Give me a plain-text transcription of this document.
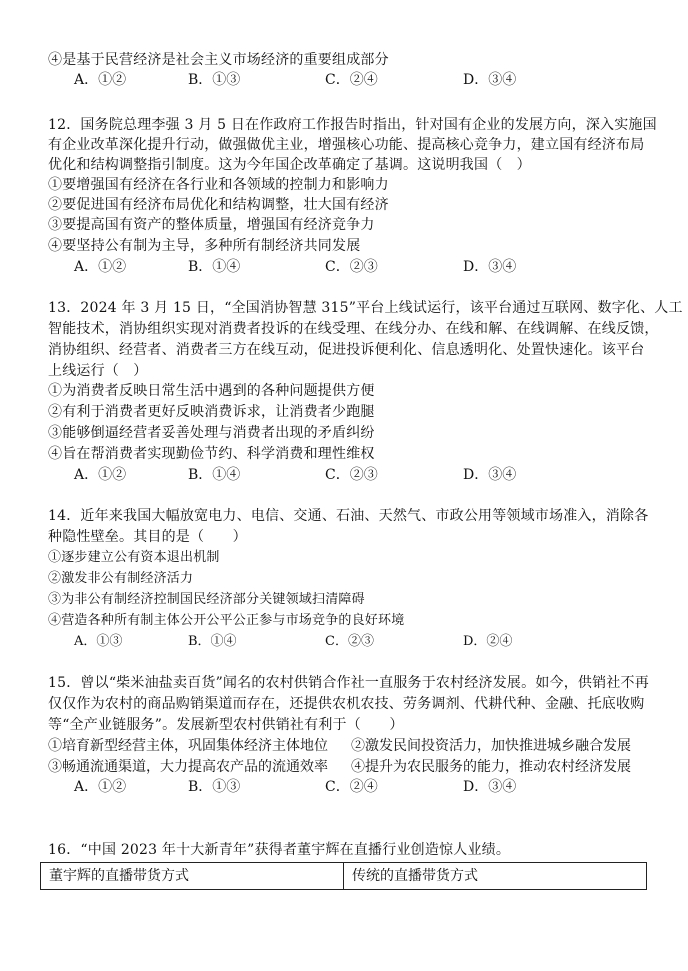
④是基于民营经济是社会主义市场经济的重要组成部分
A．①②	B．①③	C．②④	D．③④
12．国务院总理李强 3 月 5 日在作政府工作报告时指出，针对国有企业的发展方向，深入实施国
有企业改革深化提升行动，做强做优主业，增强核心功能、提高核心竞争力，建立国有经济布局
优化和结构调整指引制度。这为今年国企改革确定了基调。这说明我国（　）
①要增强国有经济在各行业和各领域的控制力和影响力
②要促进国有经济布局优化和结构调整，壮大国有经济
③要提高国有资产的整体质量，增强国有经济竞争力
④要坚持公有制为主导，多种所有制经济共同发展
A．①②	B．①④	C．②③	D．③④
13．2024 年 3 月 15 日，“全国消协智慧 315”平台上线试运行，该平台通过互联网、数字化、人工
智能技术，消协组织实现对消费者投诉的在线受理、在线分办、在线和解、在线调解、在线反馈，
消协组织、经营者、消费者三方在线互动，促进投诉便利化、信息透明化、处置快速化。该平台
上线运行（　）
①为消费者反映日常生活中遇到的各种问题提供方便
②有利于消费者更好反映消费诉求，让消费者少跑腿
③能够倒逼经营者妥善处理与消费者出现的矛盾纠纷
④旨在帮消费者实现勤俭节约、科学消费和理性维权
A．①②	B．①④	C．②③	D．③④
14．近年来我国大幅放宽电力、电信、交通、石油、天然气、市政公用等领域市场准入，消除各
种隐性壁垒。其目的是（　　）
①逐步建立公有资本退出机制
②激发非公有制经济活力
③为非公有制经济控制国民经济部分关键领域扫清障碍
④营造各种所有制主体公开公平公正参与市场竞争的良好环境
A．①③	B．①④	C．②③	D．②④
15．曾以“柴米油盐卖百货”闻名的农村供销合作社一直服务于农村经济发展。如今，供销社不再
仅仅作为农村的商品购销渠道而存在，还提供农机农技、劳务调剂、代耕代种、金融、托底收购
等“全产业链服务”。发展新型农村供销社有利于（　　）
①培育新型经营主体，巩固集体经济主体地位 ②激发民间投资活力，加快推进城乡融合发展
③畅通流通渠道，大力提高农产品的流通效率 ④提升为农民服务的能力，推动农村经济发展
A．①②	B．①③	C．②④	D．③④
16．“中国 2023 年十大新青年”获得者董宇辉在直播行业创造惊人业绩。
董宇辉的直播带货方式	传统的直播带货方式
